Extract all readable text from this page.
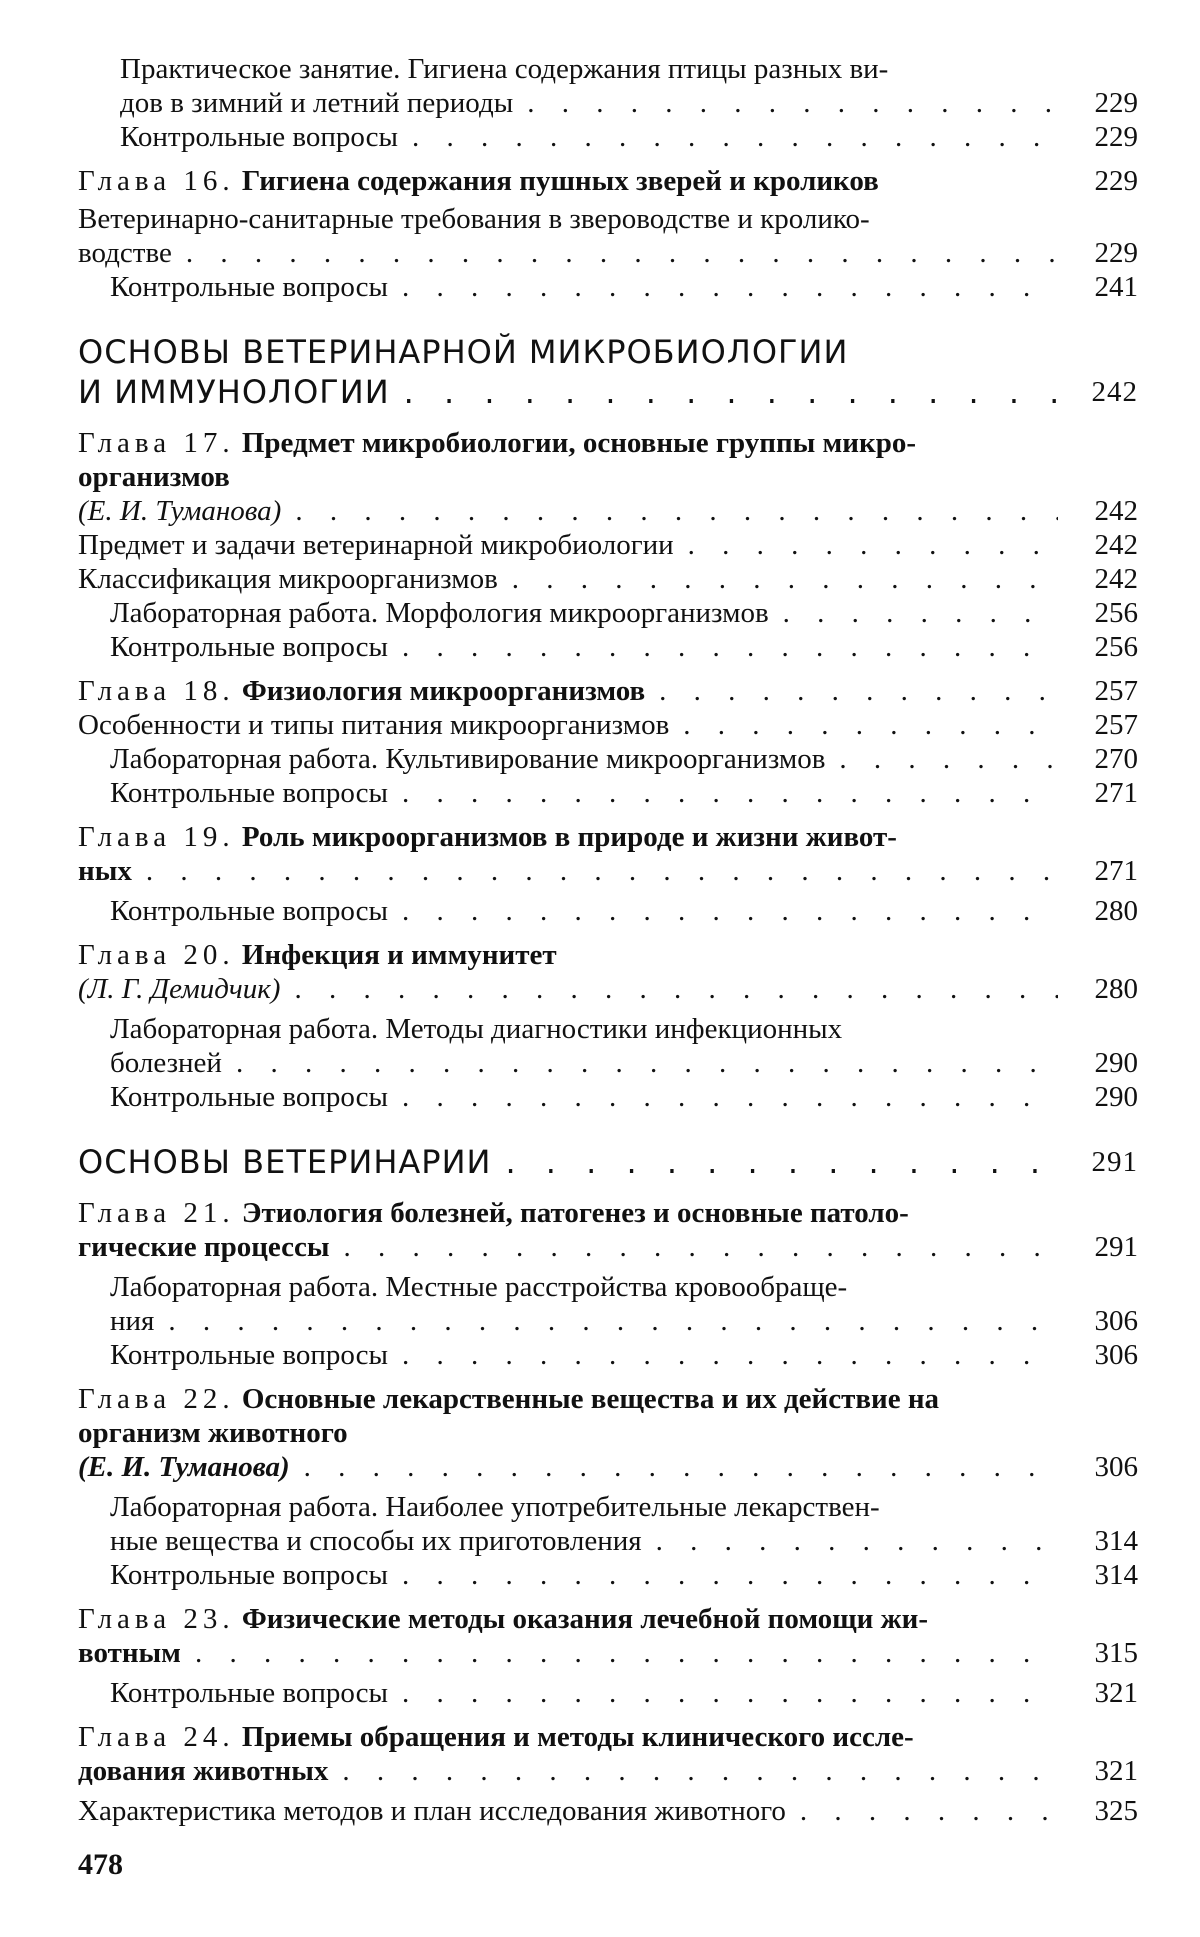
Практическое занятие. Гигиена содержания птицы разных ви-
дов в зимний и летний периоды . . .	229
Контрольные вопросы . . .	229
Глава 16. Гигиена содержания пушных зверей и кроликов	229
Ветеринарно-санитарные требования в звероводстве и кролико-
водстве . . .	229
Контрольные вопросы . . .	241
ОСНОВЫ ВЕТЕРИНАРНОЙ МИКРОБИОЛОГИИ
И ИММУНОЛОГИИ . . .	242
Глава 17. Предмет микробиологии, основные группы микро-
организмов
(Е. И. Туманова) . . .	242
Предмет и задачи ветеринарной микробиологии . . .	242
Классификация микроорганизмов . . .	242
Лабораторная работа. Морфология микроорганизмов . . .	256
Контрольные вопросы . . .	256
Глава 18. Физиология микроорганизмов . . .	257
Особенности и типы питания микроорганизмов . . .	257
Лабораторная работа. Культивирование микроорганизмов . . .	270
Контрольные вопросы . . .	271
Глава 19. Роль микроорганизмов в природе и жизни живот-
ных . . .	271
Контрольные вопросы . . .	280
Глава 20. Инфекция и иммунитет
(Л. Г. Демидчик) . . .	280
Лабораторная работа. Методы диагностики инфекционных
болезней . . .	290
Контрольные вопросы . . .	290
ОСНОВЫ ВЕТЕРИНАРИИ . . .	291
Глава 21. Этиология болезней, патогенез и основные патоло-
гические процессы . . .	291
Лабораторная работа. Местные расстройства кровообраще-
ния . . .	306
Контрольные вопросы . . .	306
Глава 22. Основные лекарственные вещества и их действие на
организм животного
(Е. И. Туманова) . . .	306
Лабораторная работа. Наиболее употребительные лекарствен-
ные вещества и способы их приготовления . . .	314
Контрольные вопросы . . .	314
Глава 23. Физические методы оказания лечебной помощи жи-
вотным . . .	315
Контрольные вопросы . . .	321
Глава 24. Приемы обращения и методы клинического иссле-
дования животных . . .	321
Характеристика методов и план исследования животного . . .	325
478
